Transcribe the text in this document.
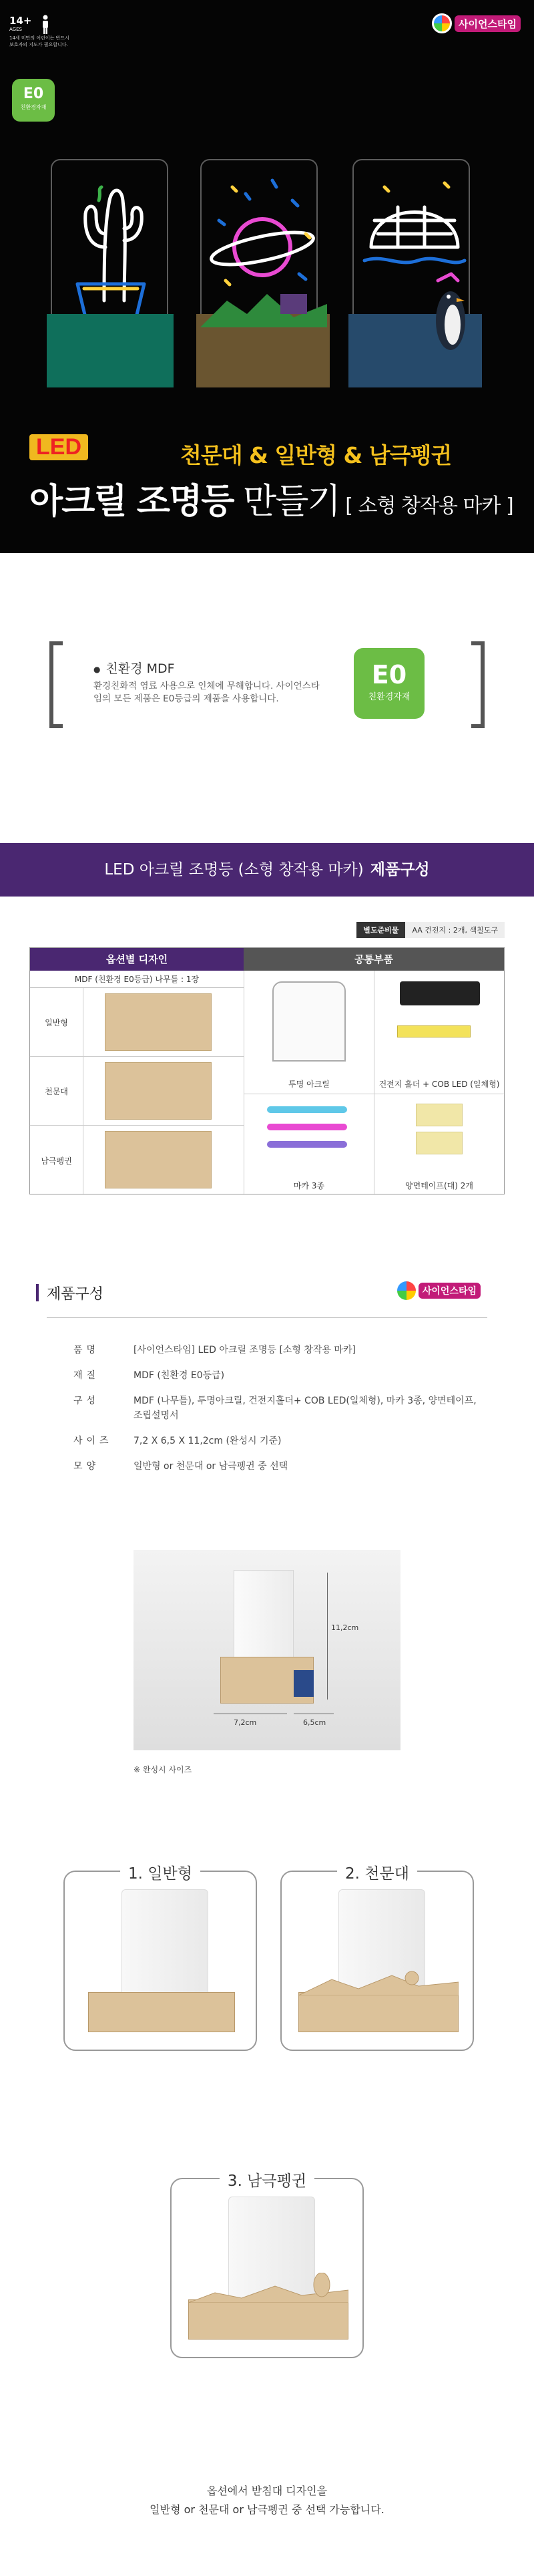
14+
AGES
14세 미만의 어린이는 반드시 보호자의 지도가 필요합니다.
E0
친환경자재
사이언스타임
LED	천문대 & 일반형 & 남극펭귄
아크릴 조명등 만들기 [ 소형 창작용 마카 ]
● 친환경 MDF
환경친화적 염료 사용으로 인체에 무해합니다. 사이언스타임의 모든 제품은 E0등급의 제품을 사용합니다.
E0
친환경자재
LED 아크릴 조명등 (소형 창작용 마카) 제품구성
별도준비물	AA 건전지 : 2개, 색칠도구
옵션별 디자인	공통부품
MDF (친환경 E0등급) 나무틀 : 1장
일반형
천문대
남극펭귄
투명 아크릴	건전지 홀더 + COB LED (일체형)
마카 3종	양면테이프(대) 2개
제품구성	사이언스타임
품명	[사이언스타임] LED 아크릴 조명등 [소형 창작용 마카]
재질	MDF (친환경 E0등급)
구성	MDF (나무틀), 투명아크릴, 건전지홀더+ COB LED(일체형), 마카 3종, 양면테이프, 조립설명서
사이즈	7,2 X 6,5 X 11,2cm (완성시 기준)
모양	일반형 or 천문대 or 남극펭귄 중 선택
11,2cm
7,2cm	6,5cm
※ 완성시 사이즈
1. 일반형	2. 천문대
3. 남극펭귄
옵션에서 받침대 디자인을
일반형 or 천문대 or 남극펭귄 중 선택 가능합니다.
